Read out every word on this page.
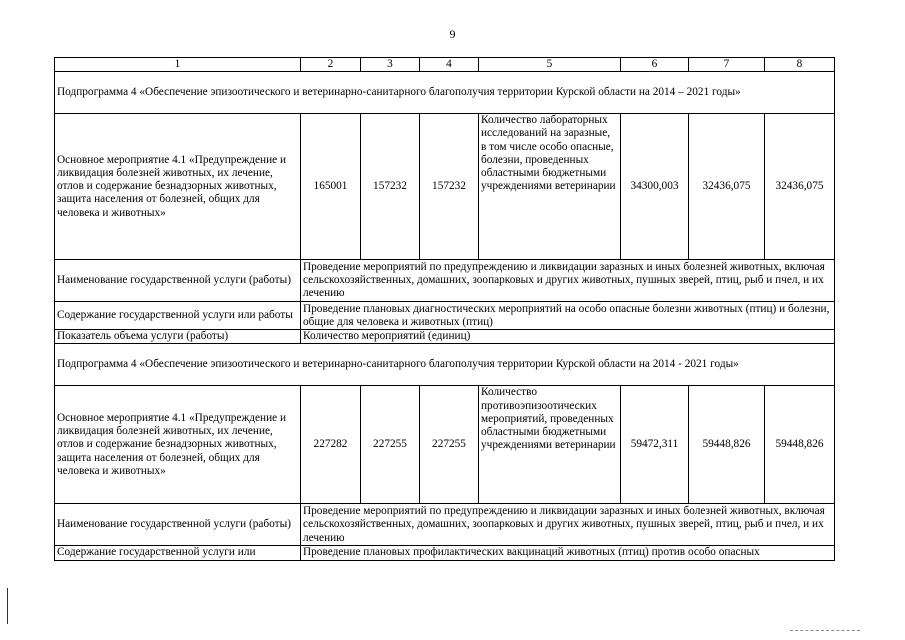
9
1	2	3	4	5	6	7	8
Подпрограмма 4 «Обеспечение эпизоотического и ветеринарно-санитарного благополучия территории Курской области на 2014 – 2021 годы»							
Основное мероприятие 4.1 «Предупреждение и ликвидация болезней животных, их лечение, отлов и содержание безнадзорных животных, защита населения от болезней, общих для человека и животных»	165001	157232	157232	Количество лабораторных исследований на заразные, в том числе особо опасные, болезни, проведенных областными бюджетными учреждениями ветеринарии	34300,003	32436,075	32436,075
Наименование государственной услуги (работы)	Проведение мероприятий по предупреждению и ликвидации заразных и иных болезней животных, включая сельскохозяйственных, домашних, зоопарковых и других животных, пушных зверей, птиц, рыб и пчел, и их лечению						
Содержание государственной услуги или работы	Проведение плановых диагностических мероприятий на особо опасные болезни животных (птиц) и болезни, общие для человека и животных (птиц)						
Показатель объема услуги (работы)	Количество мероприятий (единиц)						
Подпрограмма 4 «Обеспечение эпизоотического и ветеринарно-санитарного благополучия территории Курской области на 2014 - 2021 годы»							
Основное мероприятие 4.1 «Предупреждение и ликвидация болезней животных, их лечение, отлов и содержание безнадзорных животных, защита населения от болезней, общих для человека и животных»	227282	227255	227255	Количество противоэпизоотических мероприятий, проведенных областными бюджетными учреждениями ветеринарии	59472,311	59448,826	59448,826
Наименование государственной услуги (работы)	Проведение мероприятий по предупреждению и ликвидации заразных и иных болезней животных, включая сельскохозяйственных, домашних, зоопарковых и других животных, пушных зверей, птиц, рыб и пчел, и их лечению						
Содержание государственной услуги или	Проведение плановых профилактических вакцинаций животных (птиц) против особо опасных						
